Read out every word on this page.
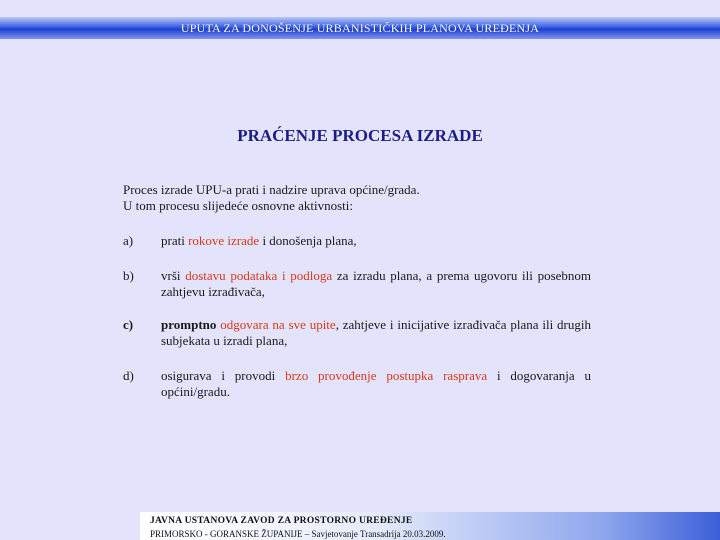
UPUTA ZA DONOŠENJE URBANISTIČKIH PLANOVA UREĐENJA
PRAĆENJE PROCESA IZRADE
Proces izrade UPU-a prati i nadzire uprava općine/grada.
U tom procesu slijedeće osnovne aktivnosti:
a) prati rokove izrade i donošenja plana,
b) vrši dostavu podataka i podloga za izradu plana, a prema ugovoru ili posebnom zahtjevu izrađivača,
c) promptno odgovara na sve upite, zahtjeve i inicijative izrađivača plana ili drugih subjekata u izradi plana,
d) osigurava i provodi brzo provođenje postupka rasprava i dogovaranja u općini/gradu.
JAVNA USTANOVA ZAVOD ZA PROSTORNO UREĐENJE
PRIMORSKO - GORANSKE ŽUPANIJE – Savjetovanje Transadrija 20.03.2009.
